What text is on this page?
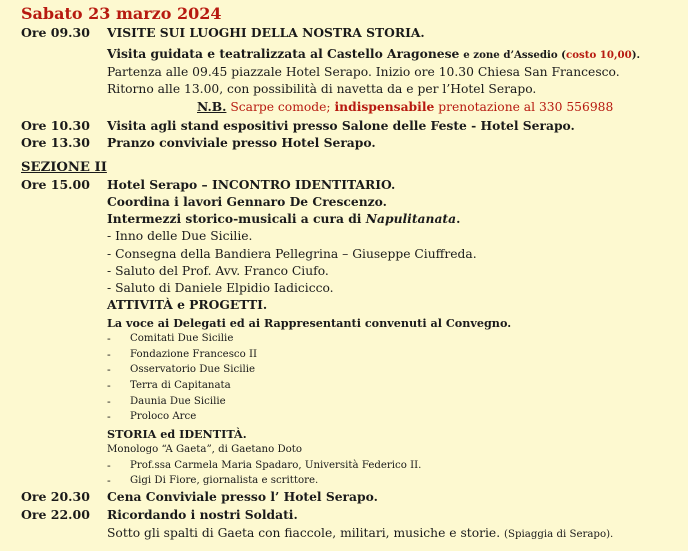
Sabato 23 marzo 2024
Ore 09.30 VISITE SUI LUOGHI DELLA NOSTRA STORIA.
Visita guidata e teatralizzata al Castello Aragonese e zone d’Assedio (costo 10,00).
Partenza alle 09.45 piazzale Hotel Serapo. Inizio ore 10.30 Chiesa San Francesco.
Ritorno alle 13.00, con possibilità di navetta da e per l’Hotel Serapo.
N.B. Scarpe comode; indispensabile prenotazione al 330 556988
Ore 10.30 Visita agli stand espositivi presso Salone delle Feste - Hotel Serapo.
Ore 13.30 Pranzo conviviale presso Hotel Serapo.
SEZIONE II
Ore 15.00 Hotel Serapo – INCONTRO IDENTITARIO.
Coordina i lavori Gennaro De Crescenzo.
Intermezzi storico-musicali a cura di Napulitanata.
- Inno delle Due Sicilie.
- Consegna della Bandiera Pellegrina – Giuseppe Ciuffreda.
- Saluto del Prof. Avv. Franco Ciufo.
- Saluto di Daniele Elpidio Iadicicco.
ATTIVITÀ e PROGETTI.
La voce ai Delegati ed ai Rappresentanti convenuti al Convegno.
- Comitati Due Sicilie
- Fondazione Francesco II
- Osservatorio Due Sicilie
- Terra di Capitanata
- Daunia Due Sicilie
- Proloco Arce
STORIA ed IDENTITÀ.
Monologo “A Gaeta”, di Gaetano Doto
- Prof.ssa Carmela Maria Spadaro, Università Federico II.
- Gigi Di Fiore, giornalista e scrittore.
Ore 20.30 Cena Conviviale presso l’ Hotel Serapo.
Ore 22.00 Ricordando i nostri Soldati.
Sotto gli spalti di Gaeta con fiaccole, militari, musiche e storie. (Spiaggia di Serapo).
